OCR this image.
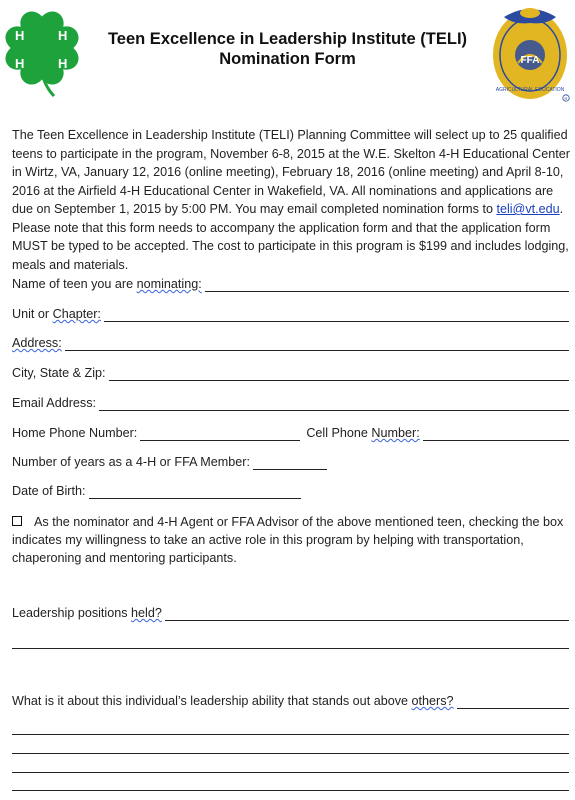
H	H
H	H	FFA
AGRICULTURAL EDUCATION
R
Teen Excellence in Leadership Institute (TELI)
Nomination Form
The Teen Excellence in Leadership Institute (TELI) Planning Committee will select up to 25 qualified teens to participate in the program, November 6-8, 2015 at the W.E. Skelton 4-H Educational Center in Wirtz, VA, January 12, 2016 (online meeting), February 18, 2016 (online meeting) and April 8-10, 2016 at the Airfield 4-H Educational Center in Wakefield, VA. All nominations and applications are due on September 1, 2015 by 5:00 PM. You may email completed nomination forms to teli@vt.edu. Please note that this form needs to accompany the application form and that the application form MUST be typed to be accepted. The cost to participate in this program is $199 and includes lodging, meals and materials.
Name of teen you are nominating:
Unit or Chapter:
Address:
City, State & Zip:
Email Address:
Home Phone Number:	Cell Phone Number:
Number of years as a 4-H or FFA Member:
Date of Birth:
As the nominator and 4-H Agent or FFA Advisor of the above mentioned teen, checking the box indicates my willingness to take an active role in this program by helping with transportation, chaperoning and mentoring participants.
Leadership positions held?
What is it about this individual’s leadership ability that stands out above others?
